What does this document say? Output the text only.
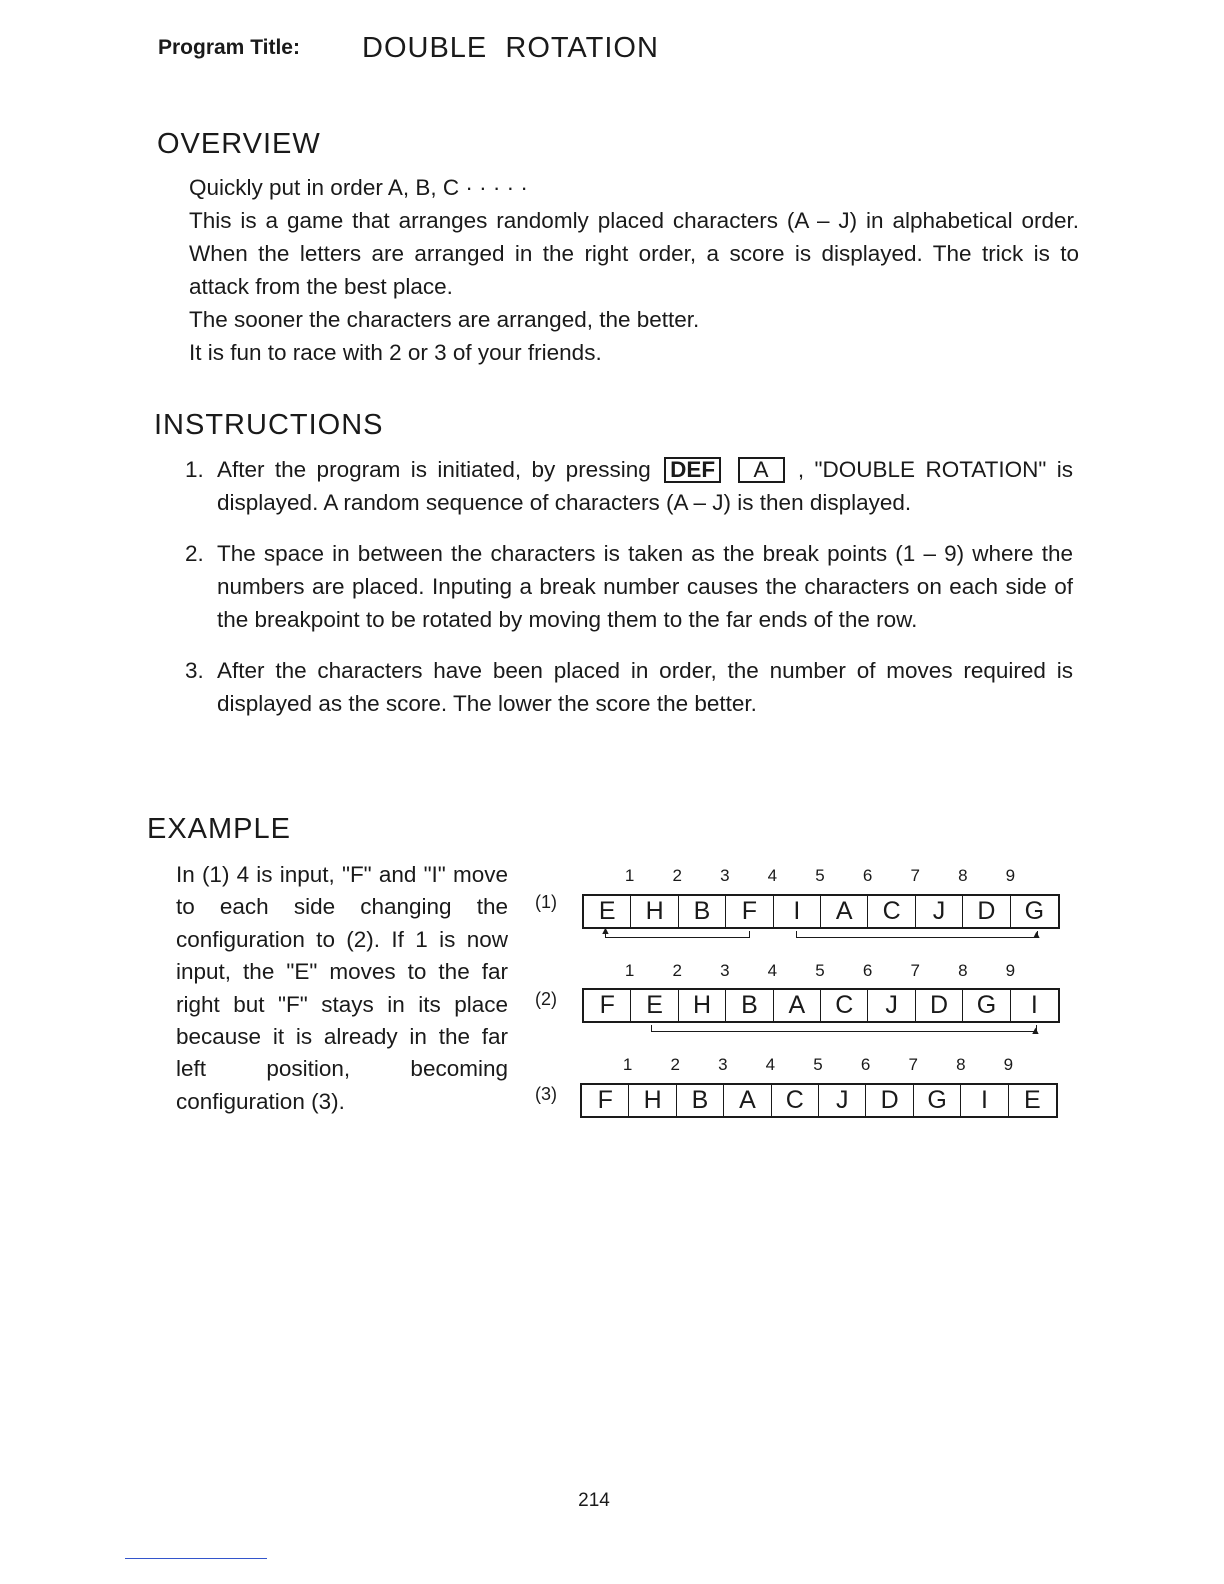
Program Title: DOUBLE  ROTATION
OVERVIEW

Quickly put in order A, B, C · · · · ·

This is a game that arranges randomly placed characters (A – J) in alphabetical order. When the letters are arranged in the right order, a score is displayed. The trick is to attack from the best place.

The sooner the characters are arranged, the better.

It is fun to race with 2 or 3 of your friends.

INSTRUCTIONS
1. After the program is initiated, by pressing DEF A , "DOUBLE ROTATION" is displayed. A random sequence of characters (A – J) is then displayed.
2. The space in between the characters is taken as the break points (1 – 9) where the numbers are placed. Inputing a break number causes the characters on each side of the breakpoint to be rotated by moving them to the far ends of the row.
3. After the characters have been placed in order, the number of moves required is displayed as the score. The lower the score the better.
EXAMPLE
In (1) 4 is input, "F" and "I" move to each side changing the configuration to (2). If 1 is now input, the "E" moves to the far right but "F" stays in its place because it is already in the far left position, becoming configuration (3).
(1)
1	2	3	4	5	6	7	8	9
E	H	B	F	I	A	C	J	D	G
▲	▲
(2)
1	2	3	4	5	6	7	8	9
F	E	H	B	A	C	J	D	G	I
▲
(3)
1	2	3	4	5	6	7	8	9
F	H	B	A	C	J	D	G	I	E
214
